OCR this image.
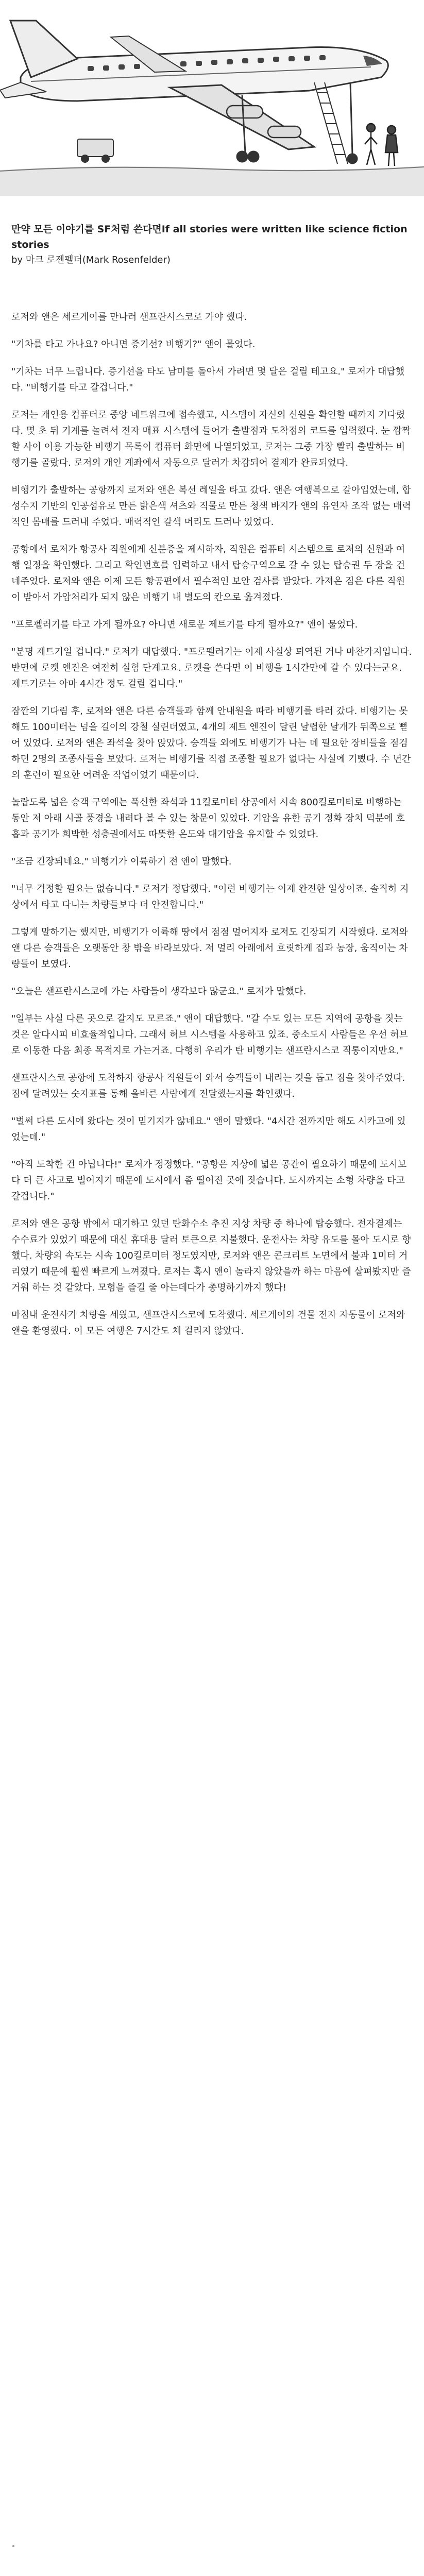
만약 모든 이야기를 SF처럼 쓴다면If all stories were written like science fiction stories
by 마크 로젠펠더(Mark Rosenfelder)

로저와 앤은 세르게이를 만나러 샌프란시스코로 가야 했다.

"기차를 타고 가나요? 아니면 증기선? 비행기?" 앤이 물었다.

"기차는 너무 느립니다. 증기선을 타도 남미를 돌아서 가려면 몇 달은 걸릴 테고요." 로저가 대답했다. "비행기를 타고 갈겁니다."

로저는 개인용 컴퓨터로 중앙 네트워크에 접속했고, 시스템이 자신의 신원을 확인할 때까지 기다렸다. 몇 초 뒤 기계를 놀려서 전자 매표 시스템에 들어가 출발점과 도착점의 코드를 입력했다. 눈 깜짝할 사이 이용 가능한 비행기 목록이 컴퓨터 화면에 나열되었고, 로저는 그중 가장 빨리 출발하는 비행기를 골랐다. 로저의 개인 계좌에서 자동으로 달러가 차감되어 결제가 완료되었다.

비행기가 출발하는 공항까지 로저와 앤은 복선 레일을 타고 갔다. 앤은 여행복으로 갈아입었는데, 합성수지 기반의 인공섬유로 만든 밝은색 셔츠와 직물로 만든 청색 바지가 앤의 유연자 조작 없는 매력적인 몸매를 드러내 주었다. 매력적인 갈색 머리도 드러나 있었다.

공항에서 로저가 항공사 직원에게 신분증을 제시하자, 직원은 컴퓨터 시스템으로 로저의 신원과 여행 일정을 확인했다. 그리고 확인번호를 입력하고 내서 탑승구역으로 갈 수 있는 탑승권 두 장을 건네주었다. 로저와 앤은 이제 모든 항공편에서 필수적인 보안 검사를 받았다. 가져온 짐은 다른 직원이 받아서 가압처리가 되지 않은 비행기 내 별도의 칸으로 옮겨졌다.

"프로펠러기를 타고 가게 될까요? 아니면 새로운 제트기를 타게 될까요?" 앤이 물었다.

"분명 제트기일 겁니다." 로저가 대답했다. "프로펠러기는 이제 사실상 퇴역된 거나 마찬가지입니다. 반면에 로켓 엔진은 여전히 실험 단계고요. 로켓을 쓴다면 이 비행을 1시간만에 갈 수 있다는군요. 제트기로는 아마 4시간 정도 걸릴 겁니다."

잠깐의 기다림 후, 로저와 앤은 다른 승객들과 함께 안내원을 따라 비행기를 타러 갔다. 비행기는 못해도 100미터는 넘을 길이의 강철 실린더였고, 4개의 제트 엔진이 달린 날렵한 날개가 뒤쪽으로 뻗어 있었다. 로저와 앤은 좌석을 찾아 앉았다. 승객들 외에도 비행기가 나는 데 필요한 장비들을 점검하던 2명의 조종사들을 보았다. 로저는 비행기를 직접 조종할 필요가 없다는 사실에 기뻤다. 수 년간의 훈련이 필요한 어려운 작업이었기 때문이다.

놀랍도록 넓은 승객 구역에는 푹신한 좌석과 11킬로미터 상공에서 시속 800킬로미터로 비행하는 동안 저 아래 시골 풍경을 내려다 볼 수 있는 창문이 있었다. 기압을 유한 공기 정화 장치 덕분에 호흡과 공기가 희박한 성층권에서도 따뜻한 온도와 대기압을 유지할 수 있었다.

"조금 긴장되네요." 비행기가 이륙하기 전 앤이 말했다.

"너무 걱정할 필요는 없습니다." 로저가 정답했다. "이런 비행기는 이제 완전한 일상이죠. 솔직히 지상에서 타고 다니는 차량들보다 더 안전합니다."

그렇게 말하기는 했지만, 비행기가 이륙해 땅에서 점점 멀어지자 로저도 긴장되기 시작했다. 로저와 앤 다른 승객들은 오랫동안 창 밖을 바라보았다. 저 멀리 아래에서 흐릿하게 집과 농장, 움직이는 차량들이 보였다.

"오늘은 샌프란시스코에 가는 사람들이 생각보다 많군요." 로저가 말했다.

"일부는 사실 다른 곳으로 갈지도 모르죠." 앤이 대답했다. "갈 수도 있는 모든 지역에 공항을 짓는 것은 알다시피 비효율적입니다. 그래서 허브 시스템을 사용하고 있죠. 중소도시 사람들은 우선 허브로 이동한 다음 최종 목적지로 가는거죠. 다행히 우리가 탄 비행기는 샌프란시스코 직통이지만요."

샌프란시스코 공항에 도착하자 항공사 직원들이 와서 승객들이 내리는 것을 돕고 짐을 찾아주었다. 짐에 달려있는 숫자표를 통해 올바른 사람에게 전달했는지를 확인했다.

"벌써 다른 도시에 왔다는 것이 믿기지가 않네요." 앤이 말했다. "4시간 전까지만 해도 시카고에 있었는데."

"아직 도착한 건 아닙니다!" 로저가 정정했다. "공항은 지상에 넓은 공간이 필요하기 때문에 도시보다 더 큰 사고로 벌어지기 때문에 도시에서 좀 떨어진 곳에 짓습니다. 도시까지는 소형 차량을 타고 갈겁니다."

로저와 앤은 공항 밖에서 대기하고 있던 탄화수소 추진 지상 차량 중 하나에 탑승했다. 전자결제는 수수료가 있었기 때문에 대신 휴대용 달러 토큰으로 지불했다. 운전사는 차량 유도를 몰아 도시로 향했다. 차량의 속도는 시속 100킬로미터 정도였지만, 로저와 앤은 콘크리트 노면에서 불과 1미터 거리였기 때문에 훨씬 빠르게 느껴졌다. 로저는 혹시 앤이 놀라지 않았을까 하는 마음에 살펴봤지만 즐거워 하는 것 같았다. 모험을 즐길 줄 아는데다가 총명하기까지 했다!

마침내 운전사가 차량을 세웠고, 샌프란시스코에 도착했다. 세르게이의 건물 전자 자동물이 로저와 앤을 환영했다. 이 모든 여행은 7시간도 채 걸리지 않았다.
